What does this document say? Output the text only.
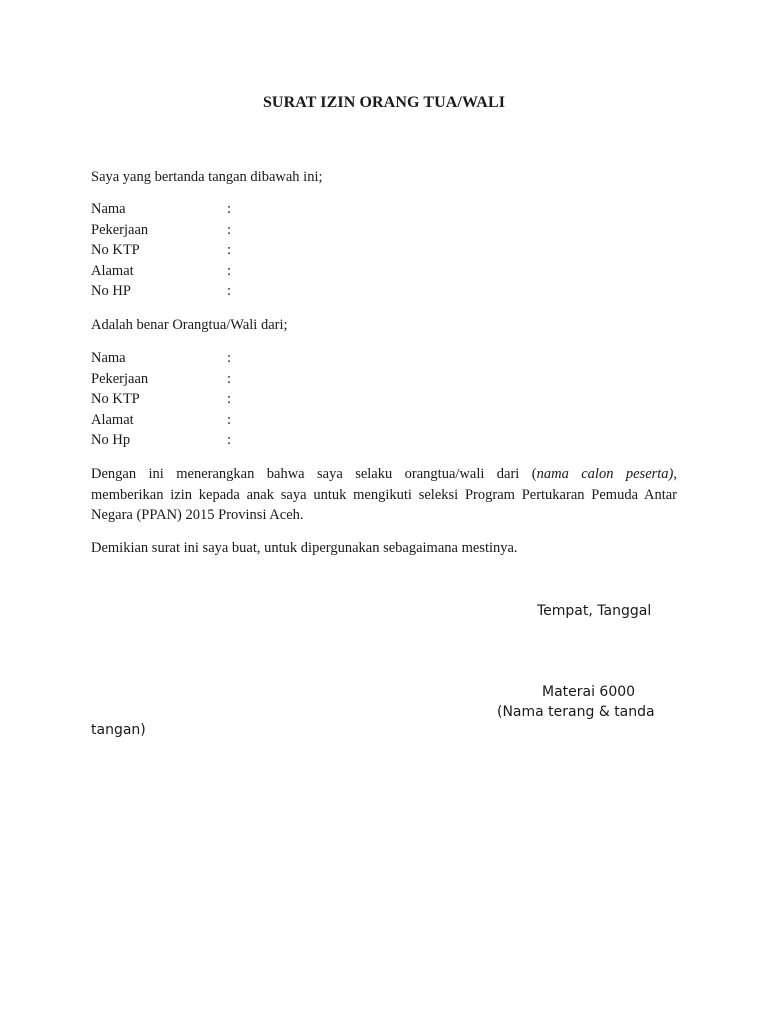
SURAT IZIN ORANG TUA/WALI
Saya yang bertanda tangan dibawah ini;
Nama	:
Pekerjaan	:
No KTP	:
Alamat	:
No HP	:
Adalah benar Orangtua/Wali dari;
Nama	:
Pekerjaan	:
No KTP	:
Alamat	:
No Hp	:
Dengan ini menerangkan bahwa saya selaku orangtua/wali dari (nama calon peserta),
memberikan izin kepada anak saya untuk mengikuti seleksi Program Pertukaran Pemuda Antar
Negara (PPAN) 2015 Provinsi Aceh.
Demikian surat ini saya buat, untuk dipergunakan sebagaimana mestinya.
Tempat, Tanggal
Materai 6000
(Nama terang & tanda
tangan)
